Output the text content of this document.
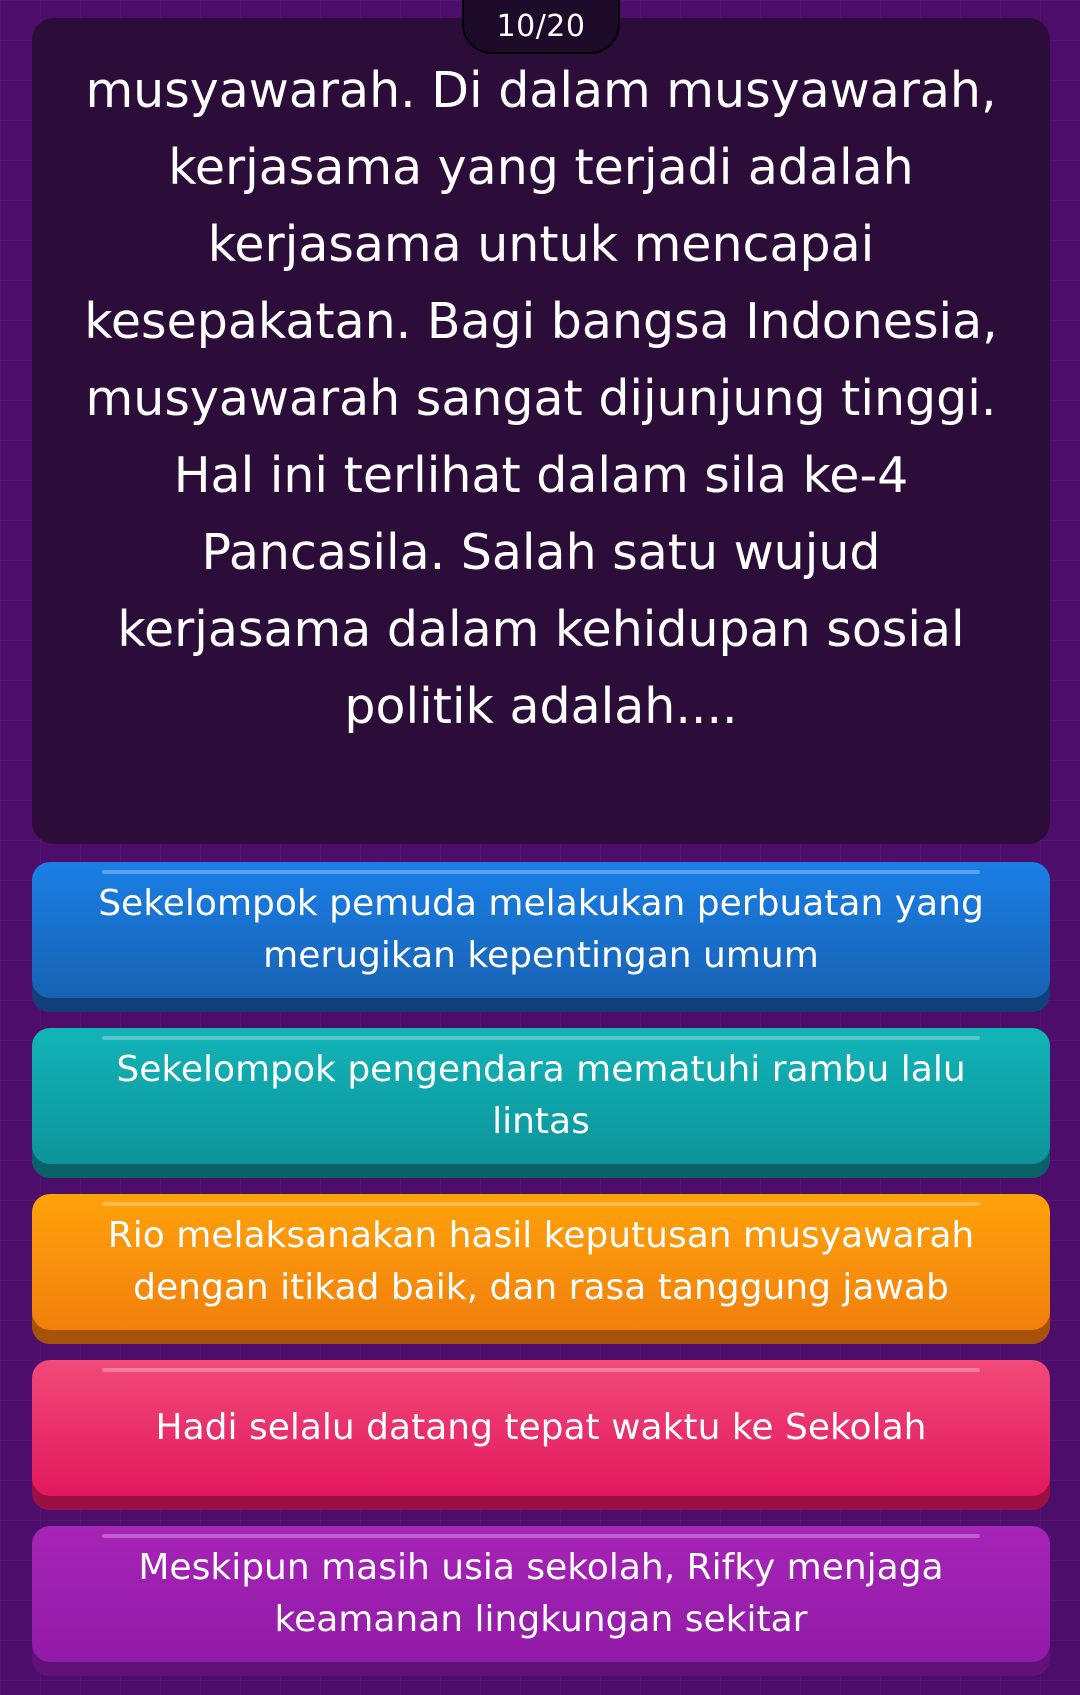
10/20

musyawarah. Di dalam musyawarah, kerjasama yang terjadi adalah kerjasama untuk mencapai kesepakatan. Bagi bangsa Indonesia, musyawarah sangat dijunjung tinggi. Hal ini terlihat dalam sila ke-4 Pancasila. Salah satu wujud kerjasama dalam kehidupan sosial politik adalah....

Sekelompok pemuda melakukan perbuatan yang merugikan kepentingan umum
Sekelompok pengendara mematuhi rambu lalu lintas
Rio melaksanakan hasil keputusan musyawarah dengan itikad baik, dan rasa tanggung jawab
Hadi selalu datang tepat waktu ke Sekolah
Meskipun masih usia sekolah, Rifky menjaga keamanan lingkungan sekitar
